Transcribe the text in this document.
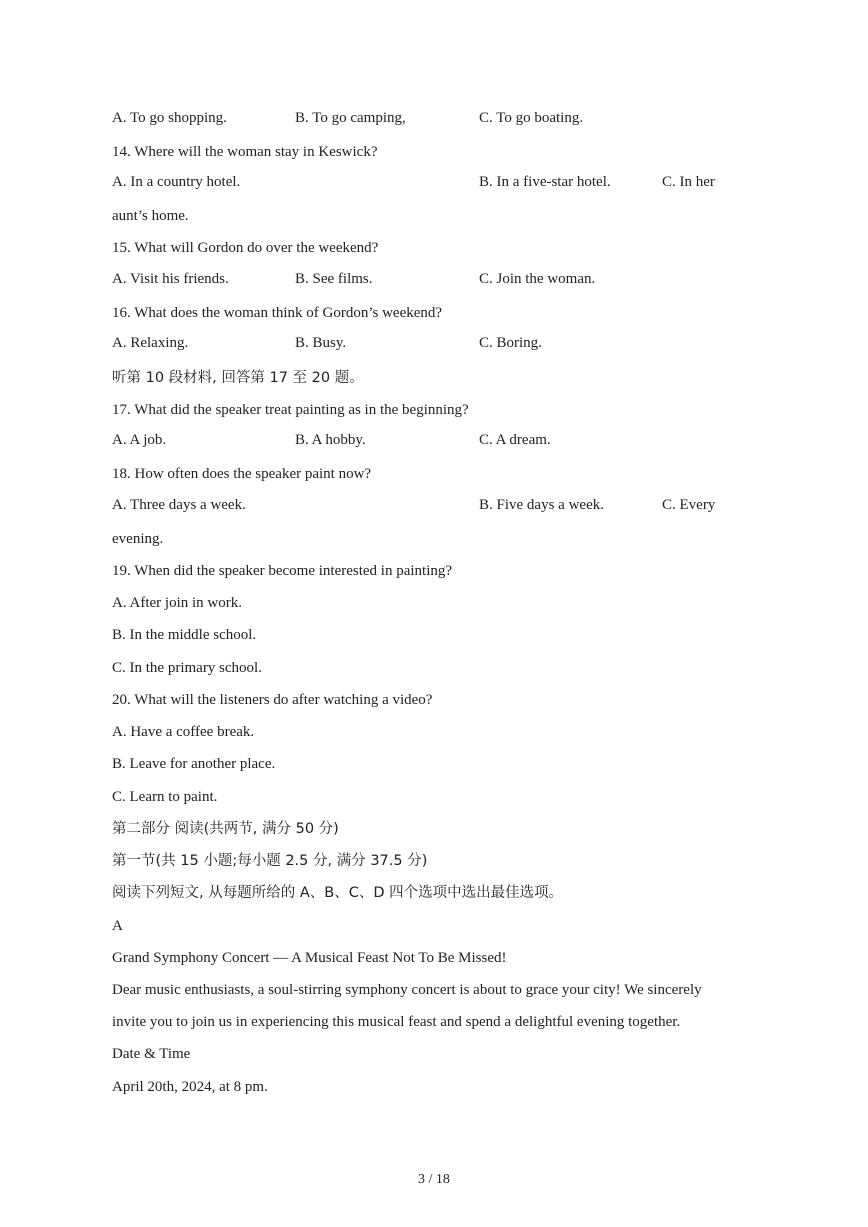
A. To go shopping.	B. To go camping,	C. To go boating.
14. Where will the woman stay in Keswick?
A. In a country hotel.	B. In a five-star hotel.	C. In her
aunt’s home.
15. What will Gordon do over the weekend?
A. Visit his friends.	B. See films.	C. Join the woman.
16. What does the woman think of Gordon’s weekend?
A. Relaxing.	B. Busy.	C. Boring.
听第 10 段材料, 回答第 17 至 20 题。
17. What did the speaker treat painting as in the beginning?
A. A job.	B. A hobby.	C. A dream.
18. How often does the speaker paint now?
A. Three days a week.	B. Five days a week.	C. Every
evening.
19. When did the speaker become interested in painting?
A. After join in work.
B. In the middle school.
C. In the primary school.
20. What will the listeners do after watching a video?
A. Have a coffee break.
B. Leave for another place.
C. Learn to paint.
第二部分 阅读(共两节, 满分 50 分)
第一节(共 15 小题;每小题 2.5 分, 满分 37.5 分)
阅读下列短文, 从每题所给的 A、B、C、D 四个选项中选出最佳选项。
A
Grand Symphony Concert — A Musical Feast Not To Be Missed!
Dear music enthusiasts, a soul-stirring symphony concert is about to grace your city! We sincerely
invite you to join us in experiencing this musical feast and spend a delightful evening together.
Date & Time
April 20th, 2024, at 8 pm.
3 / 18
